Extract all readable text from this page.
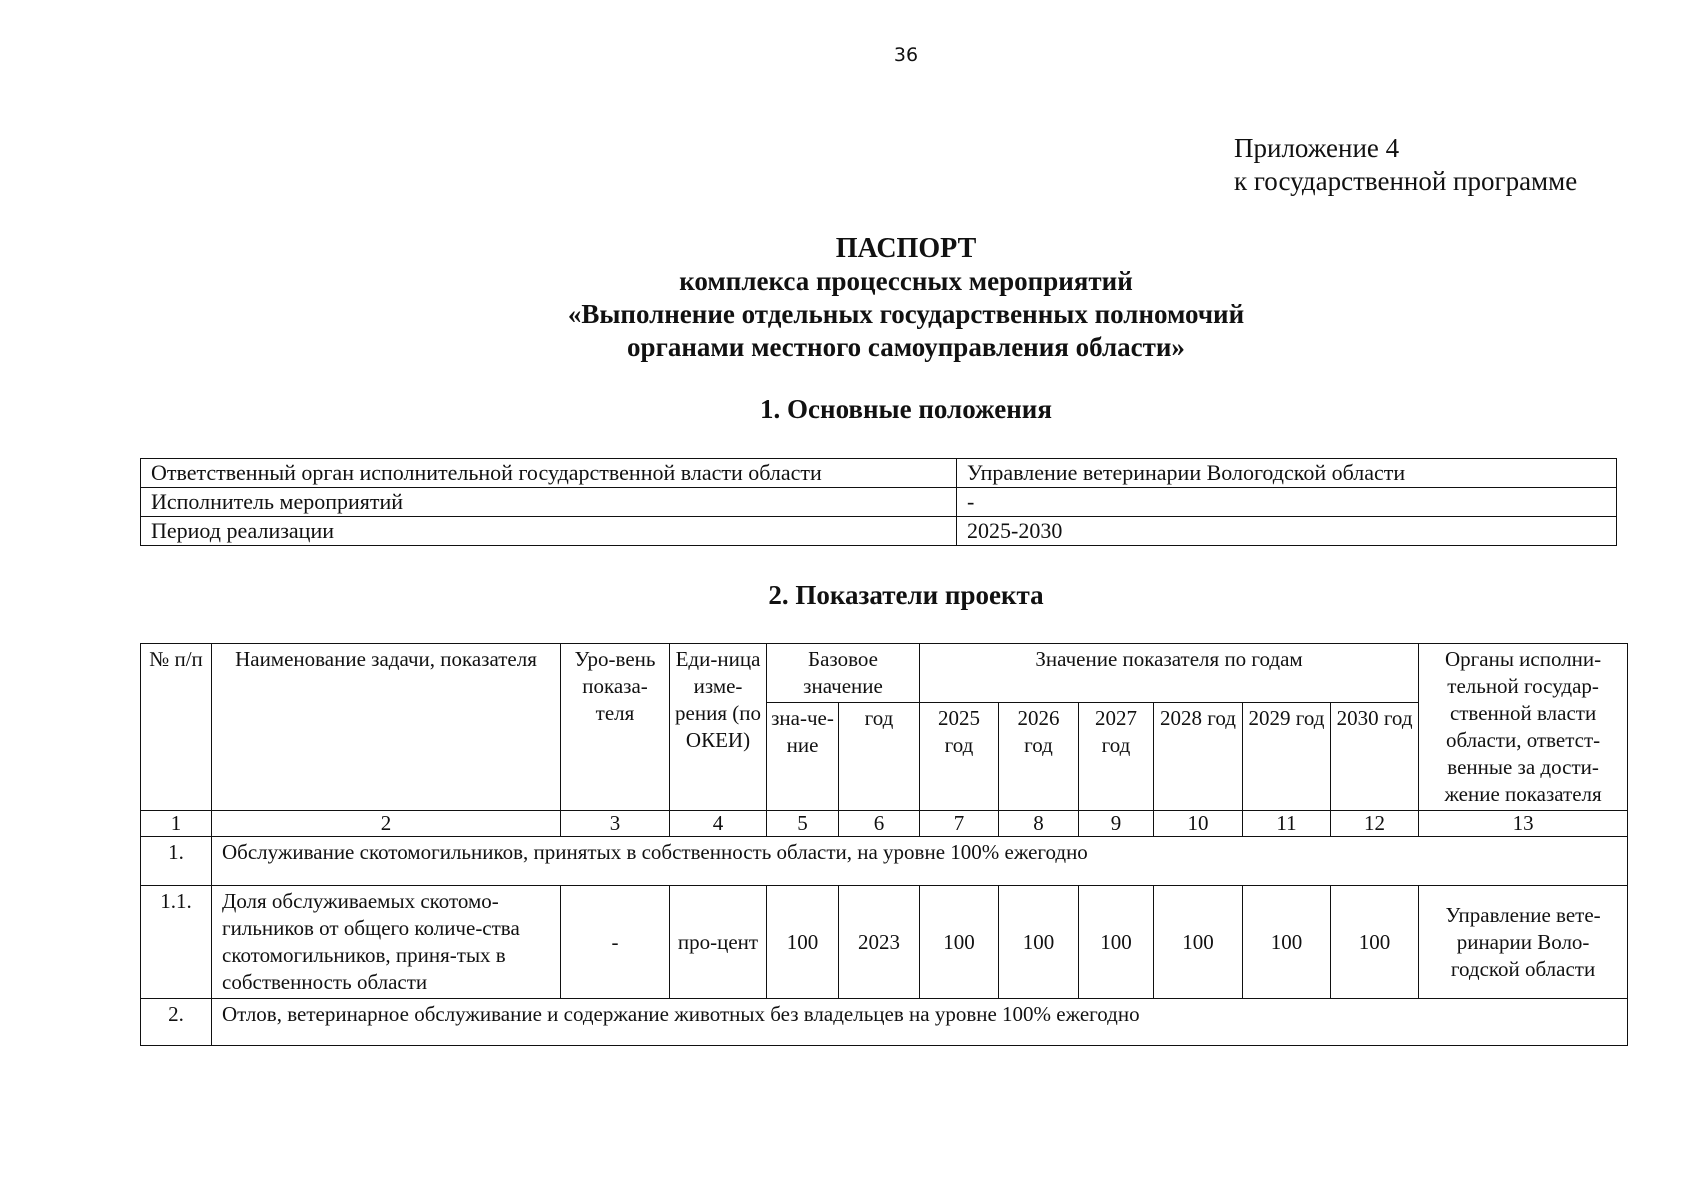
36
Приложение 4
к государственной программе
ПАСПОРТ
комплекса процессных мероприятий
«Выполнение отдельных государственных полномочий
органами местного самоуправления области»
1. Основные положения
Ответственный орган исполнительной государственной власти области	Управление ветеринарии Вологодской области
Исполнитель мероприятий	-
Период реализации	2025-2030
2. Показатели проекта
№ п/п	Наименование задачи, показателя	Уро-вень показа-теля	Еди-ница изме-рения (по ОКЕИ)	Базовое значение		Значение показателя по годам						Органы исполни-тельной государ-ственной власти области, ответст-венные за дости-жение показателя
				зна-че-ние	год	2025 год	2026 год	2027 год	2028 год	2029 год	2030 год	

1	2	3	4	5	6	7	8	9	10	11	12	13
1.	Обслуживание скотомогильников, принятых в собственность области, на уровне 100% ежегодно											
1.1.	Доля обслуживаемых скотомо-гильников от общего количе-ства скотомогильников, приня-тых в собственность области	-	про-цент	100	2023	100	100	100	100	100	100	Управление вете-ринарии Воло-годской области
2.	Отлов, ветеринарное обслуживание и содержание животных без владельцев на уровне 100% ежегодно											
